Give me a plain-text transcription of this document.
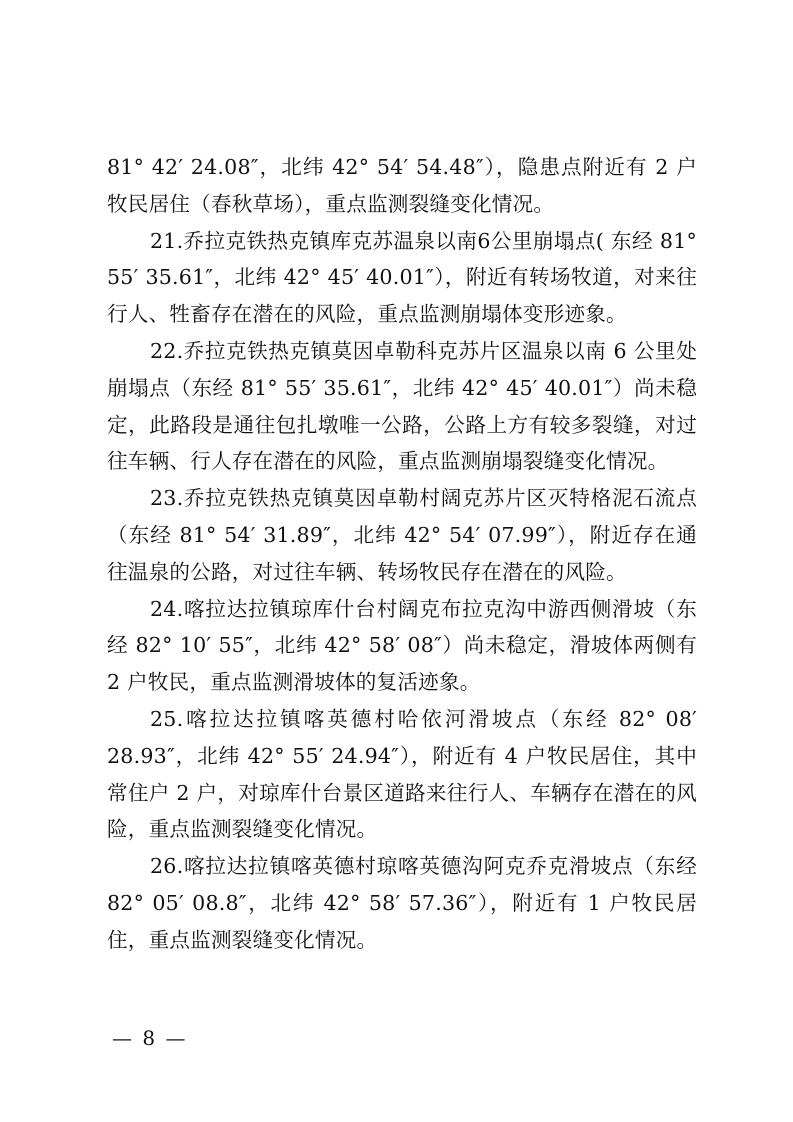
81° 42′ 24.08″，北纬 42° 54′ 54.48″），隐患点附近有 2 户牧民居住（春秋草场），重点监测裂缝变化情况。

21.乔拉克铁热克镇库克苏温泉以南6公里崩塌点( 东经 81° 55′ 35.61″，北纬 42° 45′ 40.01″），附近有转场牧道，对来往行人、牲畜存在潜在的风险，重点监测崩塌体变形迹象。

22.乔拉克铁热克镇莫因卓勒科克苏片区温泉以南 6 公里处崩塌点（东经 81° 55′ 35.61″，北纬 42° 45′ 40.01″）尚未稳定，此路段是通往包扎墩唯一公路，公路上方有较多裂缝，对过往车辆、行人存在潜在的风险，重点监测崩塌裂缝变化情况。

23.乔拉克铁热克镇莫因卓勒村阔克苏片区灭特格泥石流点（东经 81° 54′ 31.89″，北纬 42° 54′ 07.99″），附近存在通往温泉的公路，对过往车辆、转场牧民存在潜在的风险。

24.喀拉达拉镇琼库什台村阔克布拉克沟中游西侧滑坡（东经 82° 10′ 55″，北纬 42° 58′ 08″）尚未稳定，滑坡体两侧有 2 户牧民，重点监测滑坡体的复活迹象。

25.喀拉达拉镇喀英德村哈依河滑坡点（东经 82° 08′ 28.93″，北纬 42° 55′ 24.94″），附近有 4 户牧民居住，其中常住户 2 户，对琼库什台景区道路来往行人、车辆存在潜在的风险，重点监测裂缝变化情况。

26.喀拉达拉镇喀英德村琼喀英德沟阿克乔克滑坡点（东经 82° 05′ 08.8″，北纬 42° 58′ 57.36″），附近有 1 户牧民居住，重点监测裂缝变化情况。

— 8 —
